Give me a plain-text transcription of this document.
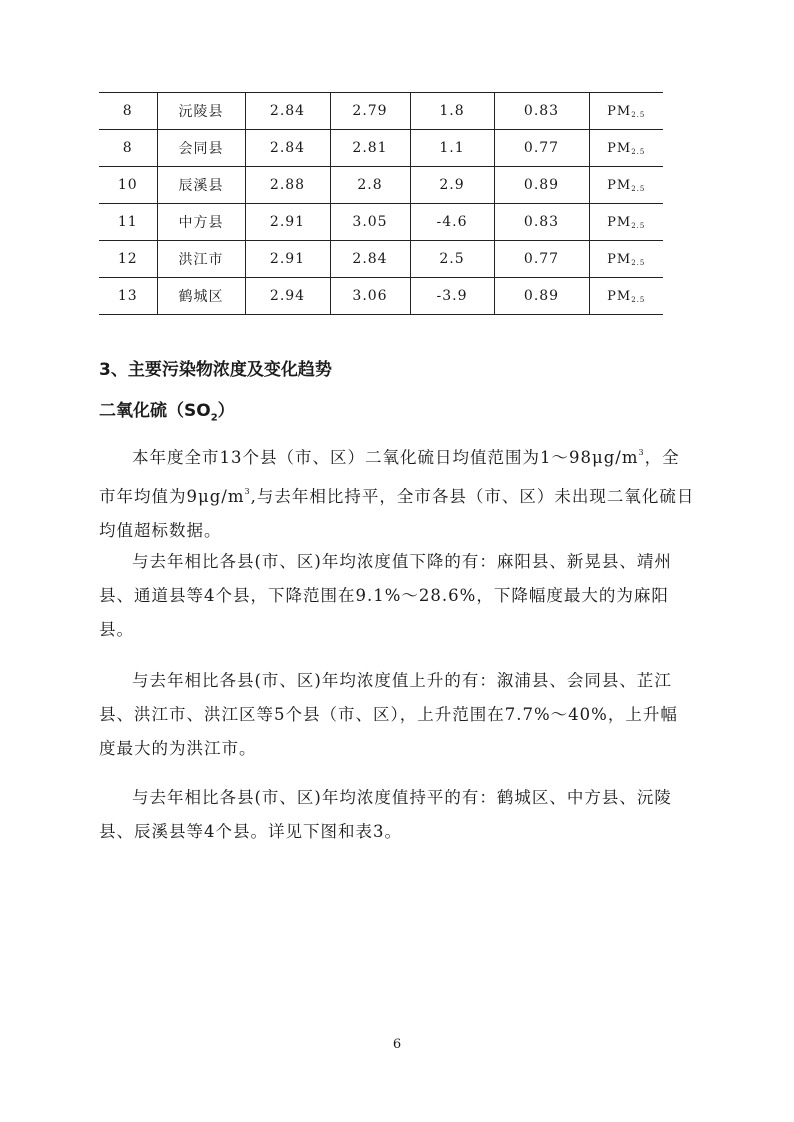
8	沅陵县	2.84	2.79	1.8	0.83	$PM_{2.5}$
8	会同县	2.84	2.81	1.1	0.77	$PM_{2.5}$
10	辰溪县	2.88	2.8	2.9	0.89	$PM_{2.5}$
11	中方县	2.91	3.05	-4.6	0.83	$PM_{2.5}$
12	洪江市	2.91	2.84	2.5	0.77	$PM_{2.5}$
13	鹤城区	2.94	3.06	-3.9	0.89	$PM_{2.5}$
3、主要污染物浓度及变化趋势
二氧化硫$(SO_2)$

本年度全市13个县（市、区）二氧化硫日均值范围为$1\sim 98\mu g/m^3$，全市年均值为$9\mu g/m^3$,与去年相比持平，全市各县（市、区）未出现二氧化硫日均值超标数据。

与去年相比各县(市、区)年均浓度值下降的有：麻阳县、新晃县、靖州县、通道县等4个县，下降范围在9.1%～28.6%，下降幅度最大的为麻阳县。

与去年相比各县(市、区)年均浓度值上升的有：溆浦县、会同县、芷江县、洪江市、洪江区等5个县（市、区），上升范围在7.7%～40%，上升幅度最大的为洪江市。

与去年相比各县(市、区)年均浓度值持平的有：鹤城区、中方县、沅陵县、辰溪县等4个县。详见下图和表3。

6
